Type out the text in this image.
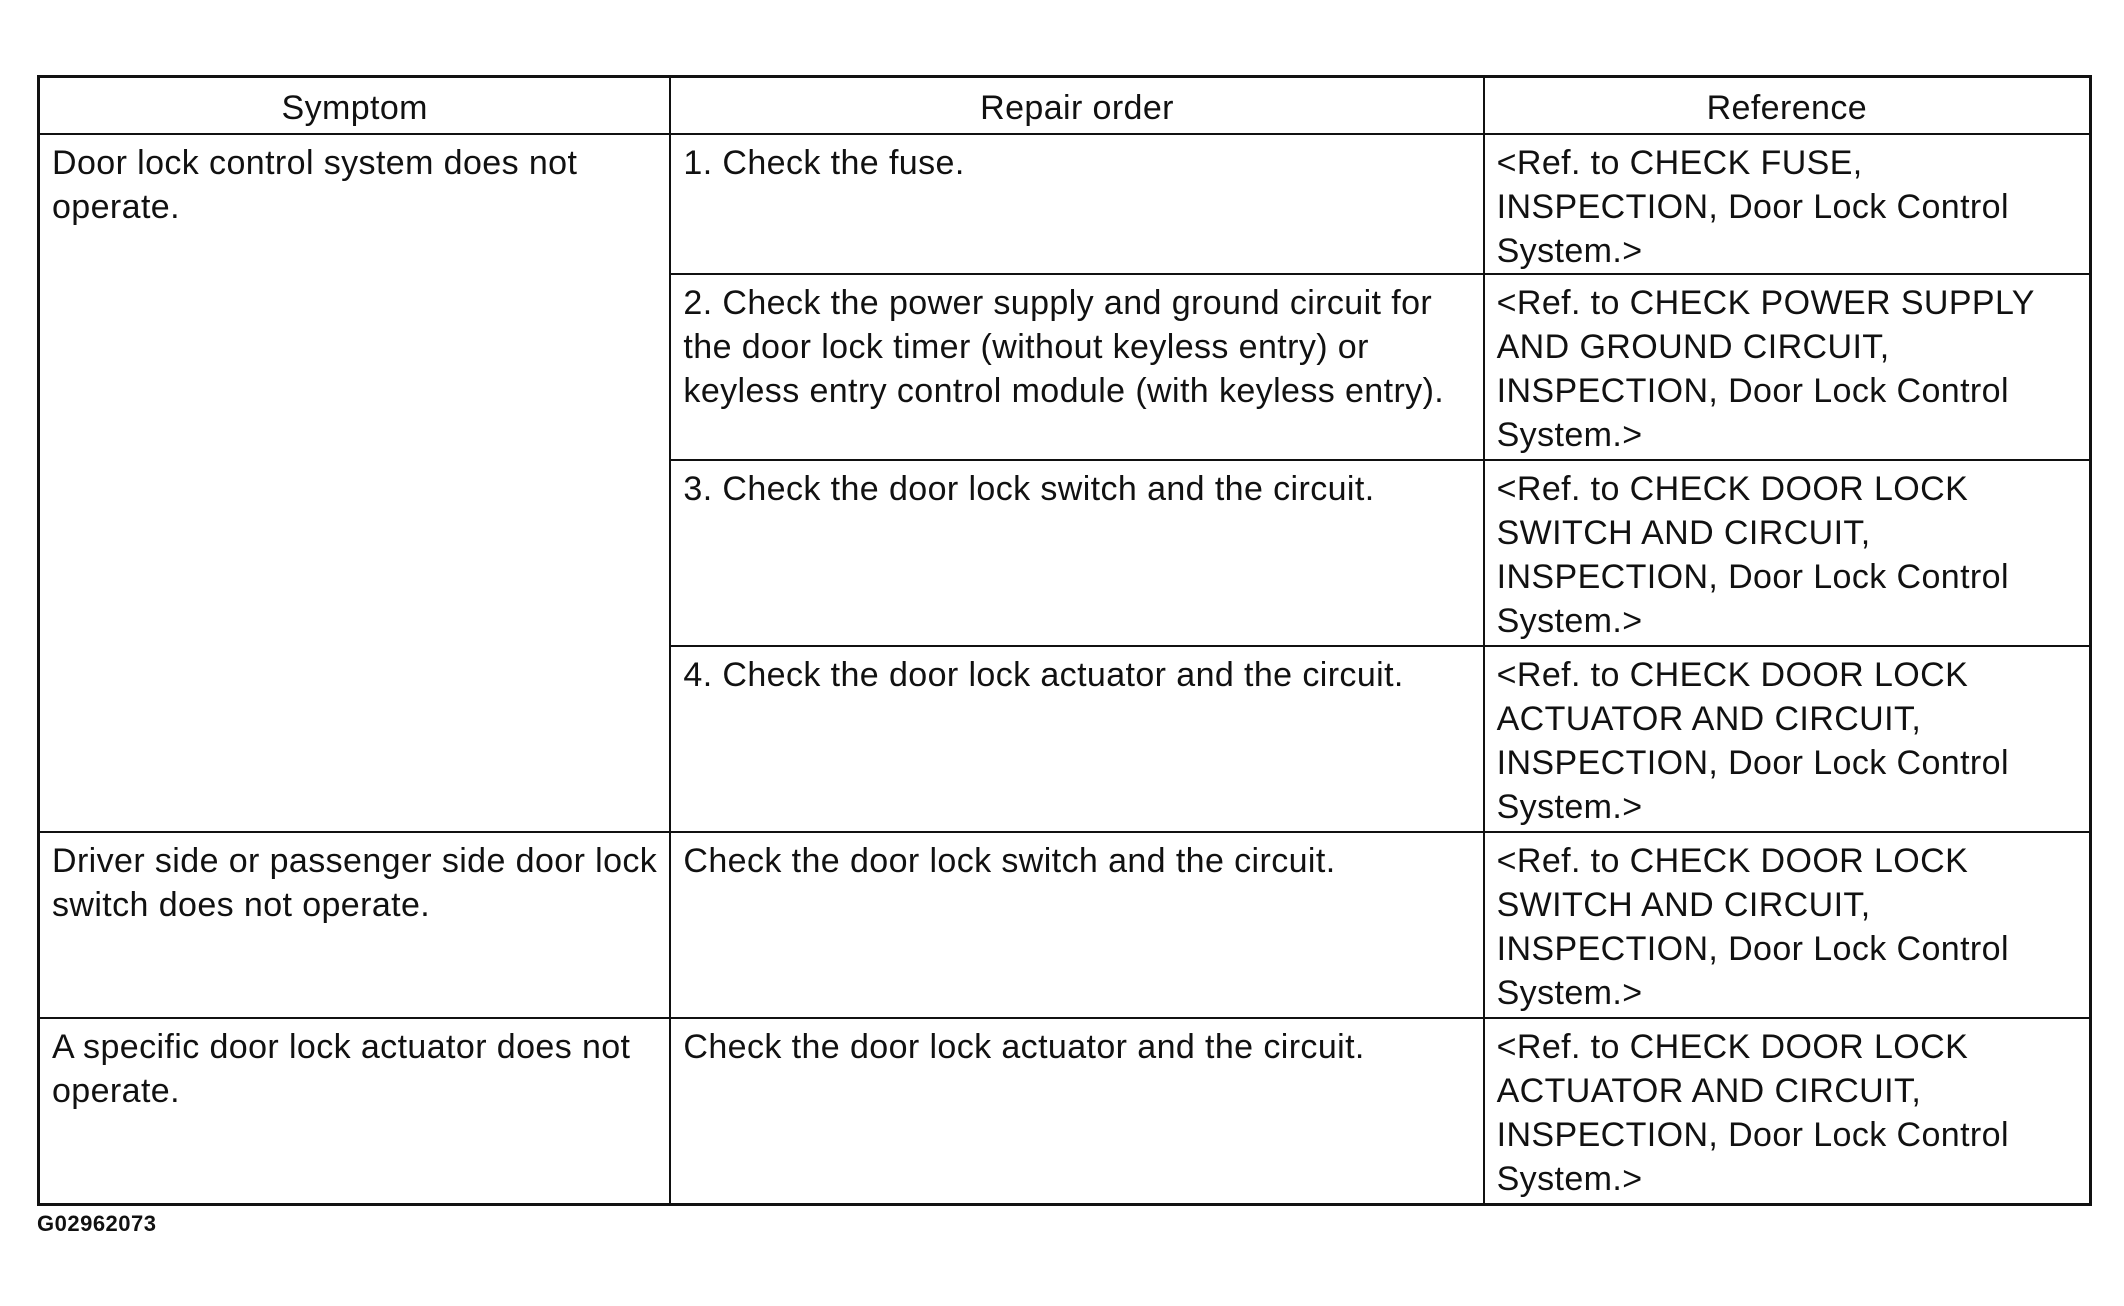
Symptom	Repair order	Reference
Door lock control system does not operate.	1. Check the fuse.	<Ref. to CHECK FUSE, INSPECTION, Door Lock Control System.>
	2. Check the power supply and ground circuit for the door lock timer (without keyless entry) or keyless entry control module (with keyless entry).	<Ref. to CHECK POWER SUPPLY AND GROUND CIRCUIT, INSPECTION, Door Lock Control System.>
	3. Check the door lock switch and the circuit.	<Ref. to CHECK DOOR LOCK SWITCH AND CIRCUIT, INSPECTION, Door Lock Control System.>
	4. Check the door lock actuator and the circuit.	<Ref. to CHECK DOOR LOCK ACTUATOR AND CIRCUIT, INSPECTION, Door Lock Control System.>
Driver side or passenger side door lock switch does not operate.	Check the door lock switch and the circuit.	<Ref. to CHECK DOOR LOCK SWITCH AND CIRCUIT, INSPECTION, Door Lock Control System.>
A specific door lock actuator does not operate.	Check the door lock actuator and the circuit.	<Ref. to CHECK DOOR LOCK ACTUATOR AND CIRCUIT, INSPECTION, Door Lock Control System.>
G02962073
